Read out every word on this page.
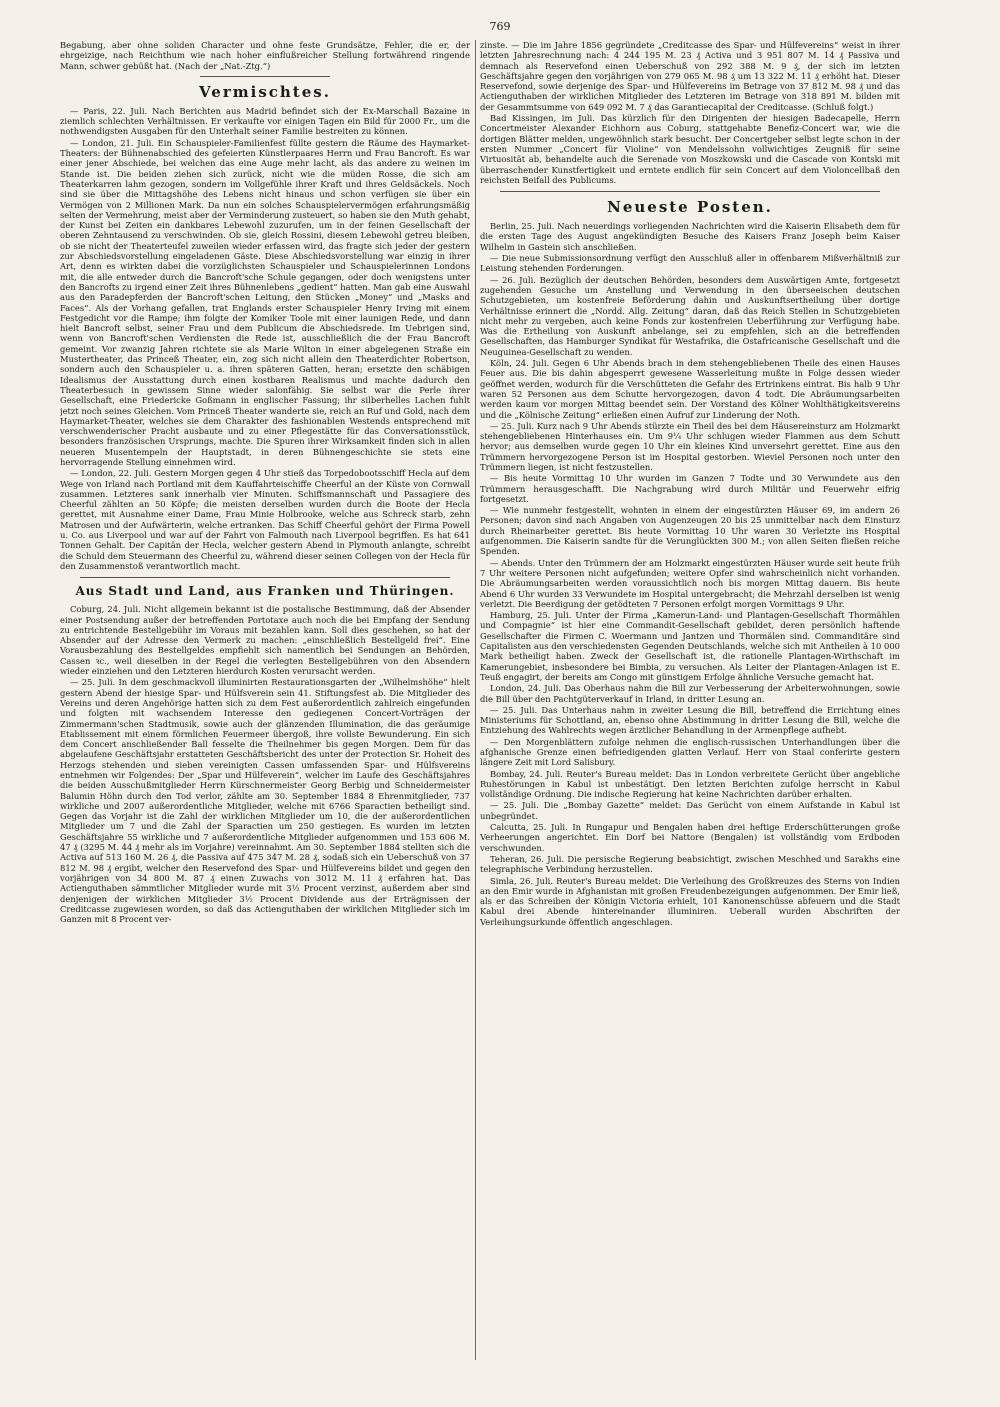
769

Begabung, aber ohne soliden Character und ohne feste Grundsätze, Fehler, die er, der ehrgeizige, nach Reichthum wie nach hoher einflußreicher Stellung fortwährend ringende Mann, schwer gebüßt hat. (Nach der „Nat.-Ztg.“)

Vermischtes.

— Paris, 22. Juli. Nach Berichten aus Madrid befindet sich der Ex-Marschall Bazaine in ziemlich schlechten Verhältnissen. Er verkaufte vor einigen Tagen ein Bild für 2000 Fr., um die nothwendigsten Ausgaben für den Unterhalt seiner Familie bestreiten zu können.

— London, 21. Juli. Ein Schauspieler-Familienfest füllte gestern die Räume des Haymarket-Theaters: der Bühnenabschied des gefeierten Künstlerpaares Herrn und Frau Bancroft. Es war einer jener Abschiede, bei welchen das eine Auge mehr lacht, als das andere zu weinen im Stande ist. Die beiden ziehen sich zurück, nicht wie die müden Rosse, die sich am Theaterkarren lahm gezogen, sondern im Vollgefühle ihrer Kraft und ihres Geldsäckels. Noch sind sie über die Mittagshöhe des Lebens nicht hinaus und schon verfügen sie über ein Vermögen von 2 Millionen Mark. Da nun ein solches Schauspielervermögen erfahrungsmäßig selten der Vermehrung, meist aber der Verminderung zusteuert, so haben sie den Muth gehabt, der Kunst bei Zeiten ein dankbares Lebewohl zuzurufen, um in der feinen Gesellschaft der oberen Zehntausend zu verschwinden. Ob sie, gleich Rossini, diesem Lebewohl getreu bleiben, ob sie nicht der Theaterteufel zuweilen wieder erfassen wird, das fragte sich jeder der gestern zur Abschiedsvorstellung eingeladenen Gäste. Diese Abschiedsvorstellung war einzig in ihrer Art, denn es wirkten dabei die vorzüglichsten Schauspieler und Schauspielerinnen Londons mit, die alle entweder durch die Bancroft'sche Schule gegangen, oder doch wenigstens unter den Bancrofts zu irgend einer Zeit ihres Bühnenlebens „gedient“ hatten. Man gab eine Auswahl aus den Paradepferden der Bancroft'schen Leitung, den Stücken „Money“ und „Masks and Faces“. Als der Vorhang gefallen, trat Englands erster Schauspieler Henry Irving mit einem Festgedicht vor die Rampe; ihm folgte der Komiker Toole mit einer launigen Rede, und dann hielt Bancroft selbst, seiner Frau und dem Publicum die Abschiedsrede. Im Uebrigen sind, wenn von Bancroft'schen Verdiensten die Rede ist, ausschließlich die der Frau Bancroft gemeint. Vor zwanzig Jahren richtete sie als Marie Wilton in einer abgelegenen Straße ein Mustertheater, das Princeß Theater, ein, zog sich nicht allein den Theaterdichter Robertson, sondern auch den Schauspieler u. a. ihren späteren Gatten, heran; ersetzte den schäbigen Idealismus der Ausstattung durch einen kostbaren Realismus und machte dadurch den Theaterbesuch in gewissem Sinne wieder salonfähig. Sie selbst war die Perle ihrer Gesellschaft, eine Friedericke Goßmann in englischer Fassung; ihr silberhelles Lachen fuhlt jetzt noch seines Gleichen. Vom Princeß Theater wanderte sie, reich an Ruf und Gold, nach dem Haymarket-Theater, welches sie dem Charakter des fashionablen Westends entsprechend mit verschwenderischer Pracht ausbaute und zu einer Pflegestätte für das Conversationsstück, besonders französischen Ursprungs, machte. Die Spuren ihrer Wirksamkeit finden sich in allen neueren Musentempeln der Hauptstadt, in deren Bühnengeschichte sie stets eine hervorragende Stellung einnehmen wird.

— London, 22. Juli. Gestern Morgen gegen 4 Uhr stieß das Torpedobootsschiff Hecla auf dem Wege von Irland nach Portland mit dem Kauffahrteischiffe Cheerful an der Küste von Cornwall zusammen. Letzteres sank innerhalb vier Minuten. Schiffsmannschaft und Passagiere des Cheerful zählten an 50 Köpfe; die meisten derselben wurden durch die Boote der Hecla gerettet, mit Ausnahme einer Dame, Frau Minie Holbrooke, welche aus Schreck starb, zehn Matrosen und der Aufwärterin, welche ertranken. Das Schiff Cheerful gehört der Firma Powell u. Co. aus Liverpool und war auf der Fahrt von Falmouth nach Liverpool begriffen. Es hat 641 Tonnen Gehalt. Der Capitän der Hecla, welcher gestern Abend in Plymouth anlangte, schreibt die Schuld dem Steuermann des Cheerful zu, während dieser seinen Collegen von der Hecla für den Zusammenstoß verantwortlich macht.

Aus Stadt und Land, aus Franken und Thüringen.

Coburg, 24. Juli. Nicht allgemein bekannt ist die postalische Bestimmung, daß der Absender einer Postsendung außer der betreffenden Portotaxe auch noch die bei Empfang der Sendung zu entrichtende Bestellgebühr im Voraus mit bezahlen kann. Soll dies geschehen, so hat der Absender auf der Adresse den Vermerk zu machen: „einschließlich Bestellgeld frei“. Eine Vorausbezahlung des Bestellgeldes empfiehlt sich namentlich bei Sendungen an Behörden, Cassen ꝛc., weil dieselben in der Regel die verlegten Bestellgebühren von den Absendern wieder einziehen und den Letzteren hierdurch Kosten verursacht werden.

— 25. Juli. In dem geschmackvoll illuminirten Restaurationsgarten der „Wilhelmshöhe“ hielt gestern Abend der hiesige Spar- und Hülfsverein sein 41. Stiftungsfest ab. Die Mitglieder des Vereins und deren Angehörige hatten sich zu dem Fest außerordentlich zahlreich eingefunden und folgten mit wachsendem Interesse den gediegenen Concert-Vorträgen der Zimmermann'schen Stadtmusik, sowie auch der glänzenden Illumination, die das geräumige Etablissement mit einem förmlichen Feuermeer übergoß, ihre vollste Bewunderung. Ein sich dem Concert anschließender Ball fesselte die Theilnehmer bis gegen Morgen. Dem für das abgelaufene Geschäftsjahr erstatteten Geschäftsbericht des unter der Protection Sr. Hoheit des Herzogs stehenden und sieben vereinigten Cassen umfassenden Spar- und Hülfsvereins entnehmen wir Folgendes: Der „Spar und Hülfeverein“, welcher im Laufe des Geschäftsjahres die beiden Ausschußmitglieder Herrn Kürschnermeister Georg Berbig und Schneidermeister Balumin Höhn durch den Tod verlor, zählte am 30. September 1884 8 Ehrenmitglieder, 737 wirkliche und 2007 außerordentliche Mitglieder, welche mit 6766 Sparactien betheiligt sind. Gegen das Vorjahr ist die Zahl der wirklichen Mitglieder um 10, die der außerordentlichen Mitglieder um 7 und die Zahl der Sparactien um 250 gestiegen. Es wurden im letzten Geschäftsjahre 55 wirkliche und 7 außerordentliche Mitglieder aufgenommen und 153 606 M. 47 ₰ (3295 M. 44 ₰ mehr als im Vorjahre) vereinnahmt. Am 30. September 1884 stellten sich die Activa auf 513 160 M. 26 ₰, die Passiva auf 475 347 M. 28 ₰, sodaß sich ein Ueberschuß von 37 812 M. 98 ₰ ergibt, welcher den Reservefond des Spar- und Hülfevereins bildet und gegen den vorjährigen von 34 800 M. 87 ₰ einen Zuwachs von 3012 M. 11 ₰ erfahren hat. Das Actienguthaben sämmtlicher Mitglieder wurde mit 3½ Procent verzinst, außerdem aber sind denjenigen der wirklichen Mitglieder 3½ Procent Dividende aus der Erträgnissen der Creditcasse zugewiesen worden, so daß das Actienguthaben der wirklichen Mitglieder sich im Ganzen mit 8 Procent ver-

zinste. — Die im Jahre 1856 gegründete „Creditcasse des Spar- und Hülfevereins“ weist in ihrer letzten Jahresrechnung nach: 4 244 195 M. 23 ₰ Activa und 3 951 807 M. 14 ₰ Passiva und demnach als Reservefond einen Ueberschuß von 292 388 M. 9 ₰, der sich im letzten Geschäftsjahre gegen den vorjährigen von 279 065 M. 98 ₰ um 13 322 M. 11 ₰ erhöht hat. Dieser Reservefond, sowie derjenige des Spar- und Hülfevereins im Betrage von 37 812 M. 98 ₰ und das Actienguthaben der wirklichen Mitglieder des Letzteren im Betrage von 318 891 M. bilden mit der Gesammtsumme von 649 092 M. 7 ₰ das Garantiecapital der Creditcasse. (Schluß folgt.)

Bad Kissingen, im Juli. Das kürzlich für den Dirigenten der hiesigen Badecapelle, Herrn Concertmeister Alexander Eichhorn aus Coburg, stattgehabte Benefiz-Concert war, wie die dortigen Blätter melden, ungewöhnlich stark besucht. Der Concertgeber selbst legte schon in der ersten Nummer „Concert für Violine“ von Mendelssohn vollwichtiges Zeugniß für seine Virtuosität ab, behandelte auch die Serenade von Moszkowski und die Cascade von Kontski mit überraschender Kunstfertigkeit und erntete endlich für sein Concert auf dem Violoncellbaß den reichsten Beifall des Publicums.

Neueste Posten.

Berlin, 25. Juli. Nach neuerdings vorliegenden Nachrichten wird die Kaiserin Elisabeth dem für die ersten Tage des August angekündigten Besuche des Kaisers Franz Joseph beim Kaiser Wilhelm in Gastein sich anschließen.

— Die neue Submissionsordnung verfügt den Ausschluß aller in offenbarem Mißverhältniß zur Leistung stehenden Forderungen.

— 26. Juli. Bezüglich der deutschen Behörden, besonders dem Auswärtigen Amte, fortgesetzt zugehenden Gesuche um Anstellung und Verwendung in den überseeischen deutschen Schutzgebieten, um kostenfreie Beförderung dahin und Auskunftsertheilung über dortige Verhältnisse erinnert die „Nordd. Allg. Zeitung“ daran, daß das Reich Stellen in Schutzgebieten nicht mehr zu vergeben, auch keine Fonds zur kostenfreien Ueberführung zur Verfügung habe. Was die Ertheilung von Auskunft anbelange, sei zu empfehlen, sich an die betreffenden Gesellschaften, das Hamburger Syndikat für Westafrika, die Ostafricanische Gesellschaft und die Neuguinea-Gesellschaft zu wenden.

Köln, 24. Juli. Gegen 6 Uhr Abends brach in dem stehengebliebenen Theile des einen Hauses Feuer aus. Die bis dahin abgesperrt gewesene Wasserleitung mußte in Folge dessen wieder geöffnet werden, wodurch für die Verschütteten die Gefahr des Ertrinkens eintrat. Bis halb 9 Uhr waren 52 Personen aus dem Schutte hervorgezogen, davon 4 todt. Die Abräumungsarbeiten werden kaum vor morgen Mittag beendet sein. Der Vorstand des Kölner Wohlthätigkeitsvereins und die „Kölnische Zeitung“ erließen einen Aufruf zur Linderung der Noth.

— 25. Juli. Kurz nach 9 Uhr Abends stürzte ein Theil des bei dem Häusereinsturz am Holzmarkt stehengebliebenen Hinterhauses ein. Um 9¼ Uhr schlugen wieder Flammen aus dem Schutt hervor; aus demselben wurde gegen 10 Uhr ein kleines Kind unversehrt gerettet. Eine aus den Trümmern hervorgezogene Person ist im Hospital gestorben. Wieviel Personen noch unter den Trümmern liegen, ist nicht festzustellen.

— Bis heute Vormittag 10 Uhr wurden im Ganzen 7 Todte und 30 Verwundete aus den Trümmern herausgeschafft. Die Nachgrabung wird durch Militär und Feuerwehr eifrig fortgesetzt.

— Wie nunmehr festgestellt, wohnten in einem der eingestürzten Häuser 69, im andern 26 Personen; davon sind nach Angaben von Augenzeugen 20 bis 25 unmittelbar nach dem Einsturz durch Rheinarbeiter gerettet. Bis heute Vormittag 10 Uhr waren 30 Verletzte ins Hospital aufgenommen. Die Kaiserin sandte für die Verunglückten 300 M.; von allen Seiten fließen reiche Spenden.

— Abends. Unter den Trümmern der am Holzmarkt eingestürzten Häuser wurde seit heute früh 7 Uhr weitere Personen nicht aufgefunden; weitere Opfer sind wahrscheinlich nicht vorhanden. Die Abräumungsarbeiten werden voraussichtlich noch bis morgen Mittag dauern. Bis heute Abend 6 Uhr wurden 33 Verwundete im Hospital untergebracht; die Mehrzahl derselben ist wenig verletzt. Die Beerdigung der getödteten 7 Personen erfolgt morgen Vormittags 9 Uhr.

Hamburg, 25. Juli. Unter der Firma „Kamerun-Land- und Plantagen-Gesellschaft Thormählen und Compagnie“ ist hier eine Commandit-Gesellschaft gebildet, deren persönlich haftende Gesellschafter die Firmen C. Woermann und Jantzen und Thormälen sind. Commanditäre sind Capitalisten aus den verschiedensten Gegenden Deutschlands, welche sich mit Antheilen à 10 000 Mark betheiligt haben. Zweck der Gesellschaft ist, die rationelle Plantagen-Wirthschaft im Kamerungebiet, insbesondere bei Bimbia, zu versuchen. Als Leiter der Plantagen-Anlagen ist E. Teuß engagirt, der bereits am Congo mit günstigem Erfolge ähnliche Versuche gemacht hat.

London, 24. Juli. Das Oberhaus nahm die Bill zur Verbesserung der Arbeiterwohnungen, sowie die Bill über den Pachtgüterverkauf in Irland, in dritter Lesung an.

— 25. Juli. Das Unterhaus nahm in zweiter Lesung die Bill, betreffend die Errichtung eines Ministeriums für Schottland, an, ebenso ohne Abstimmung in dritter Lesung die Bill, welche die Entziehung des Wahlrechts wegen ärztlicher Behandlung in der Armenpflege aufhebt.

— Den Morgenblättern zufolge nehmen die englisch-russischen Unterhandlungen über die afghanische Grenze einen befriedigenden glatten Verlauf. Herr von Staal conferirte gestern längere Zeit mit Lord Salisbury.

Bombay, 24. Juli. Reuter's Bureau meldet: Das in London verbreitete Gerücht über angebliche Ruhestörungen in Kabul ist unbestätigt. Den letzten Berichten zufolge herrscht in Kabul vollständige Ordnung. Die indische Regierung hat keine Nachrichten darüber erhalten.

— 25. Juli. Die „Bombay Gazette“ meldet: Das Gerücht von einem Aufstande in Kabul ist unbegründet.

Calcutta, 25. Juli. In Rungapur und Bengalen haben drei heftige Erderschütterungen große Verheerungen angerichtet. Ein Dorf bei Nattore (Bengalen) ist vollständig vom Erdboden verschwunden.

Teheran, 26. Juli. Die persische Regierung beabsichtigt, zwischen Meschhed und Sarakhs eine telegraphische Verbindung herzustellen.

Simla, 26. Juli. Reuter's Bureau meldet: Die Verleihung des Großkreuzes des Sterns von Indien an den Emir wurde in Afghanistan mit großen Freudenbezeigungen aufgenommen. Der Emir ließ, als er das Schreiben der Königin Victoria erhielt, 101 Kanonenschüsse abfeuern und die Stadt Kabul drei Abende hintereinander illuminiren. Ueberall wurden Abschriften der Verleihungsurkunde öffentlich angeschlagen.
